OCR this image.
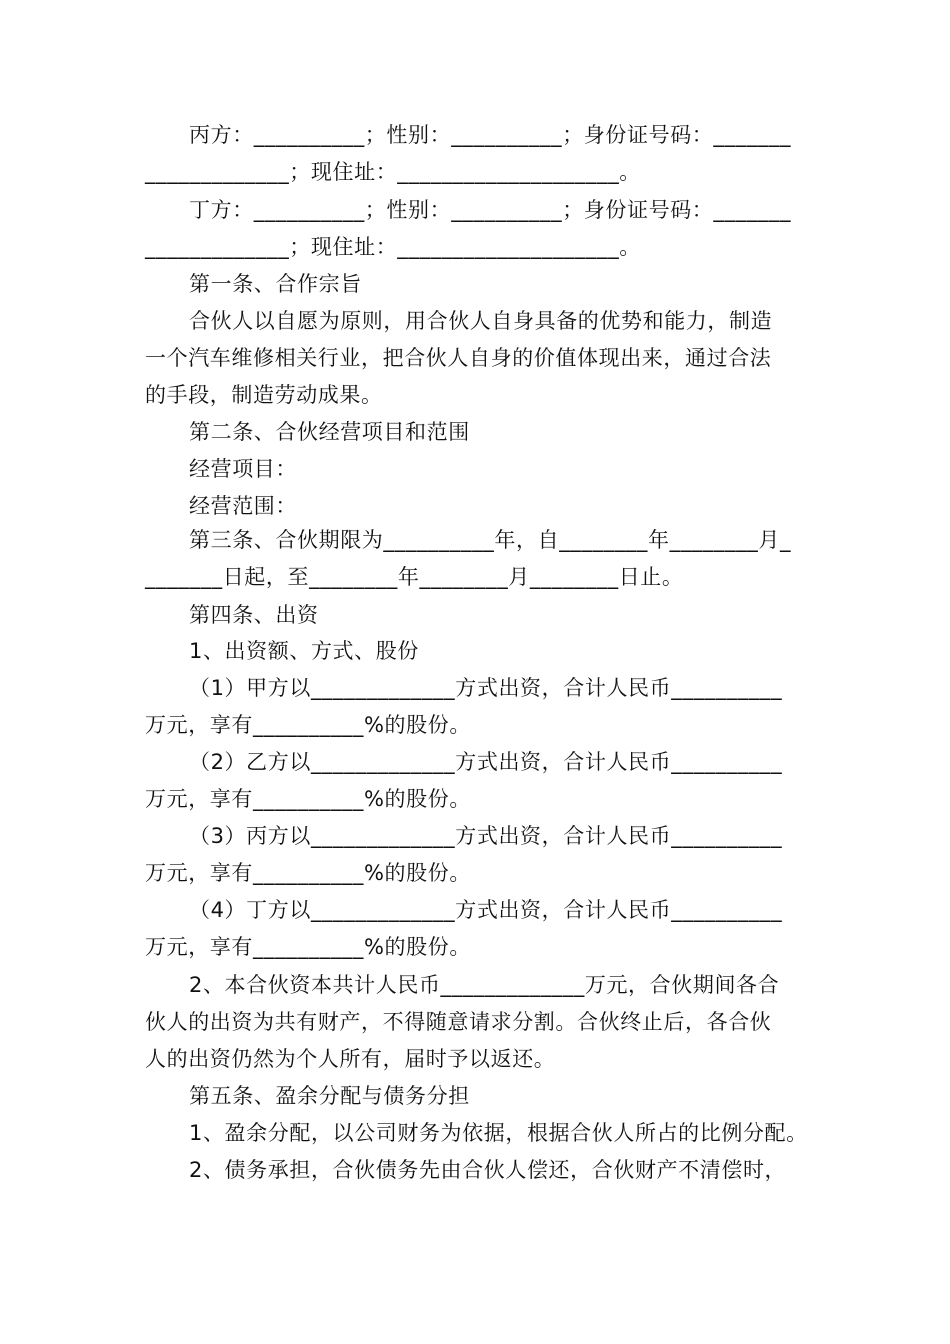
丙方：__________；性别：__________；身份证号码：_______
_____________；现住址：____________________。
丁方：__________；性别：__________；身份证号码：_______
_____________；现住址：____________________。
第一条、合作宗旨
合伙人以自愿为原则，用合伙人自身具备的优势和能力，制造
一个汽车维修相关行业，把合伙人自身的价值体现出来，通过合法
的手段，制造劳动成果。
第二条、合伙经营项目和范围
经营项目：
经营范围：
第三条、合伙期限为__________年，自________年________月_
_______日起，至________年________月________日止。
第四条、出资
1、出资额、方式、股份
（1）甲方以_____________方式出资，合计人民币__________
万元，享有__________%的股份。
（2）乙方以_____________方式出资，合计人民币__________
万元，享有__________%的股份。
（3）丙方以_____________方式出资，合计人民币__________
万元，享有__________%的股份。
（4）丁方以_____________方式出资，合计人民币__________
万元，享有__________%的股份。
2、本合伙资本共计人民币_____________万元，合伙期间各合
伙人的出资为共有财产，不得随意请求分割。合伙终止后，各合伙
人的出资仍然为个人所有，届时予以返还。
第五条、盈余分配与债务分担
1、盈余分配，以公司财务为依据，根据合伙人所占的比例分配。
2、债务承担，合伙债务先由合伙人偿还，合伙财产不清偿时，
